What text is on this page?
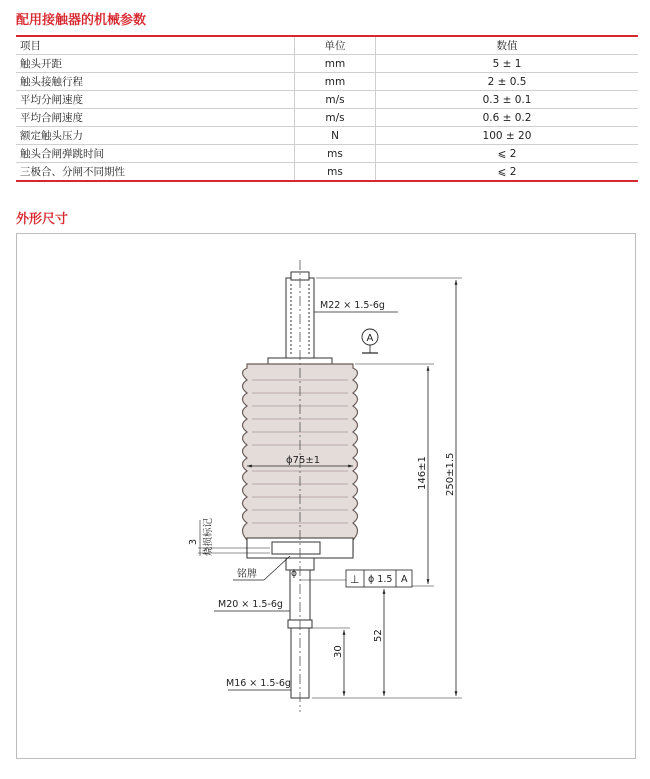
配用接触器的机械参数
项目	单位	数值
触头开距	mm	5 ± 1
触头接触行程	mm	2 ± 0.5
平均分闸速度	m/s	0.3 ± 0.1
平均合闸速度	m/s	0.6 ± 0.2
额定触头压力	N	100 ± 20
触头合闸弹跳时间	ms	⩽ 2
三极合、分闸不同期性	ms	⩽ 2
外形尺寸
ϕ75±1
M22 × 1.5-6g
A
146±1 250±1.5
3 烧损标记
铭牌	ϕ	⊥ ϕ 1.5 A
M20 × 1.5-6g
52
30
M16 × 1.5-6g
